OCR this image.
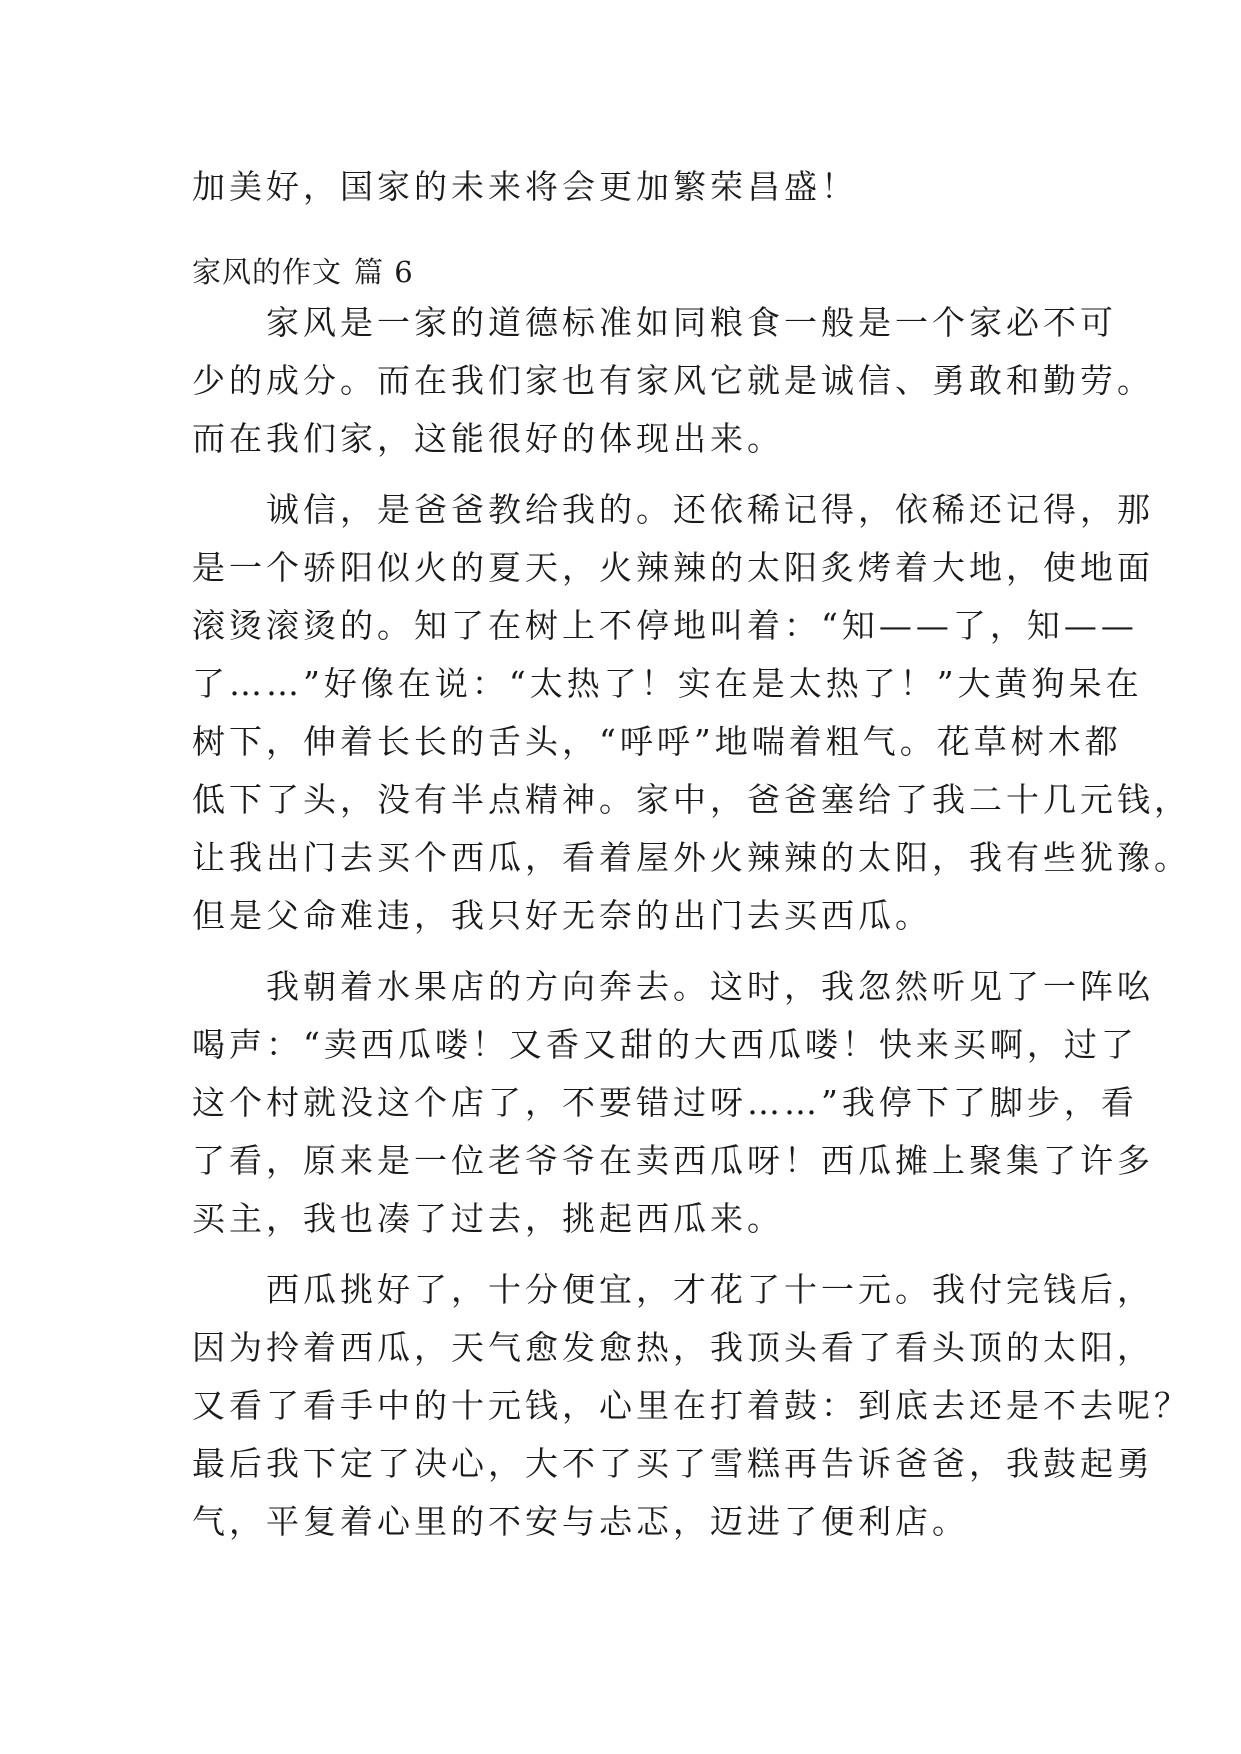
加美好，国家的未来将会更加繁荣昌盛！
家风的作文 篇 6
　　家风是一家的道德标准如同粮食一般是一个家必不可
少的成分。而在我们家也有家风它就是诚信、勇敢和勤劳。
而在我们家，这能很好的体现出来。
　　诚信，是爸爸教给我的。还依稀记得，依稀还记得，那
是一个骄阳似火的夏天，火辣辣的太阳炙烤着大地，使地面
滚烫滚烫的。知了在树上不停地叫着：“知——了，知——
了……”好像在说：“太热了！实在是太热了！”大黄狗呆在
树下，伸着长长的舌头，“呼呼”地喘着粗气。花草树木都
低下了头，没有半点精神。家中，爸爸塞给了我二十几元钱，
让我出门去买个西瓜，看着屋外火辣辣的太阳，我有些犹豫。
但是父命难违，我只好无奈的出门去买西瓜。
　　我朝着水果店的方向奔去。这时，我忽然听见了一阵吆
喝声：“卖西瓜喽！又香又甜的大西瓜喽！快来买啊，过了
这个村就没这个店了，不要错过呀……”我停下了脚步，看
了看，原来是一位老爷爷在卖西瓜呀！西瓜摊上聚集了许多
买主，我也凑了过去，挑起西瓜来。
　　西瓜挑好了，十分便宜，才花了十一元。我付完钱后，
因为拎着西瓜，天气愈发愈热，我顶头看了看头顶的太阳，
又看了看手中的十元钱，心里在打着鼓：到底去还是不去呢？
最后我下定了决心，大不了买了雪糕再告诉爸爸，我鼓起勇
气，平复着心里的不安与忐忑，迈进了便利店。
